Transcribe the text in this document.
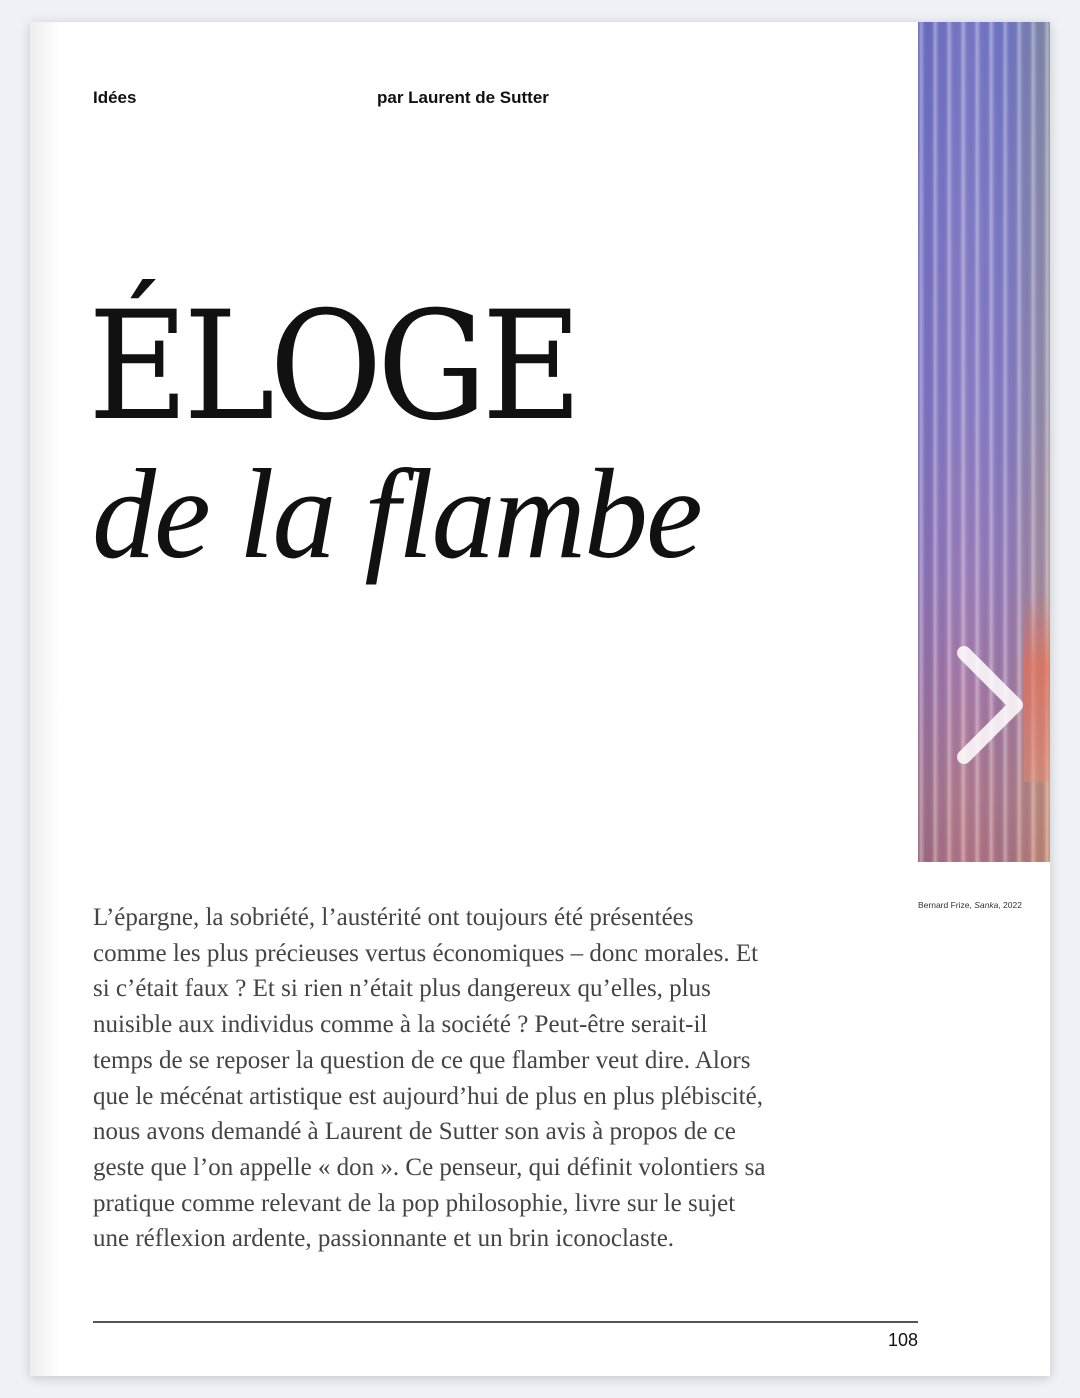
Idées	par Laurent de Sutter
ÉLOGE
de la flambe
Bernard Frize, Sanka, 2022

L’épargne, la sobriété, l’austérité ont toujours été présentées comme les plus précieuses vertus économiques – donc morales. Et si c’était faux ? Et si rien n’était plus dangereux qu’elles, plus nuisible aux individus comme à la société ? Peut-être serait-il temps de se reposer la question de ce que flamber veut dire. Alors que le mécénat artistique est aujourd’hui de plus en plus plébiscité, nous avons demandé à Laurent de Sutter son avis à propos de ce geste que l’on appelle « don ». Ce penseur, qui définit volontiers sa pratique comme relevant de la pop philosophie, livre sur le sujet une réflexion ardente, passionnante et un brin iconoclaste.

108
